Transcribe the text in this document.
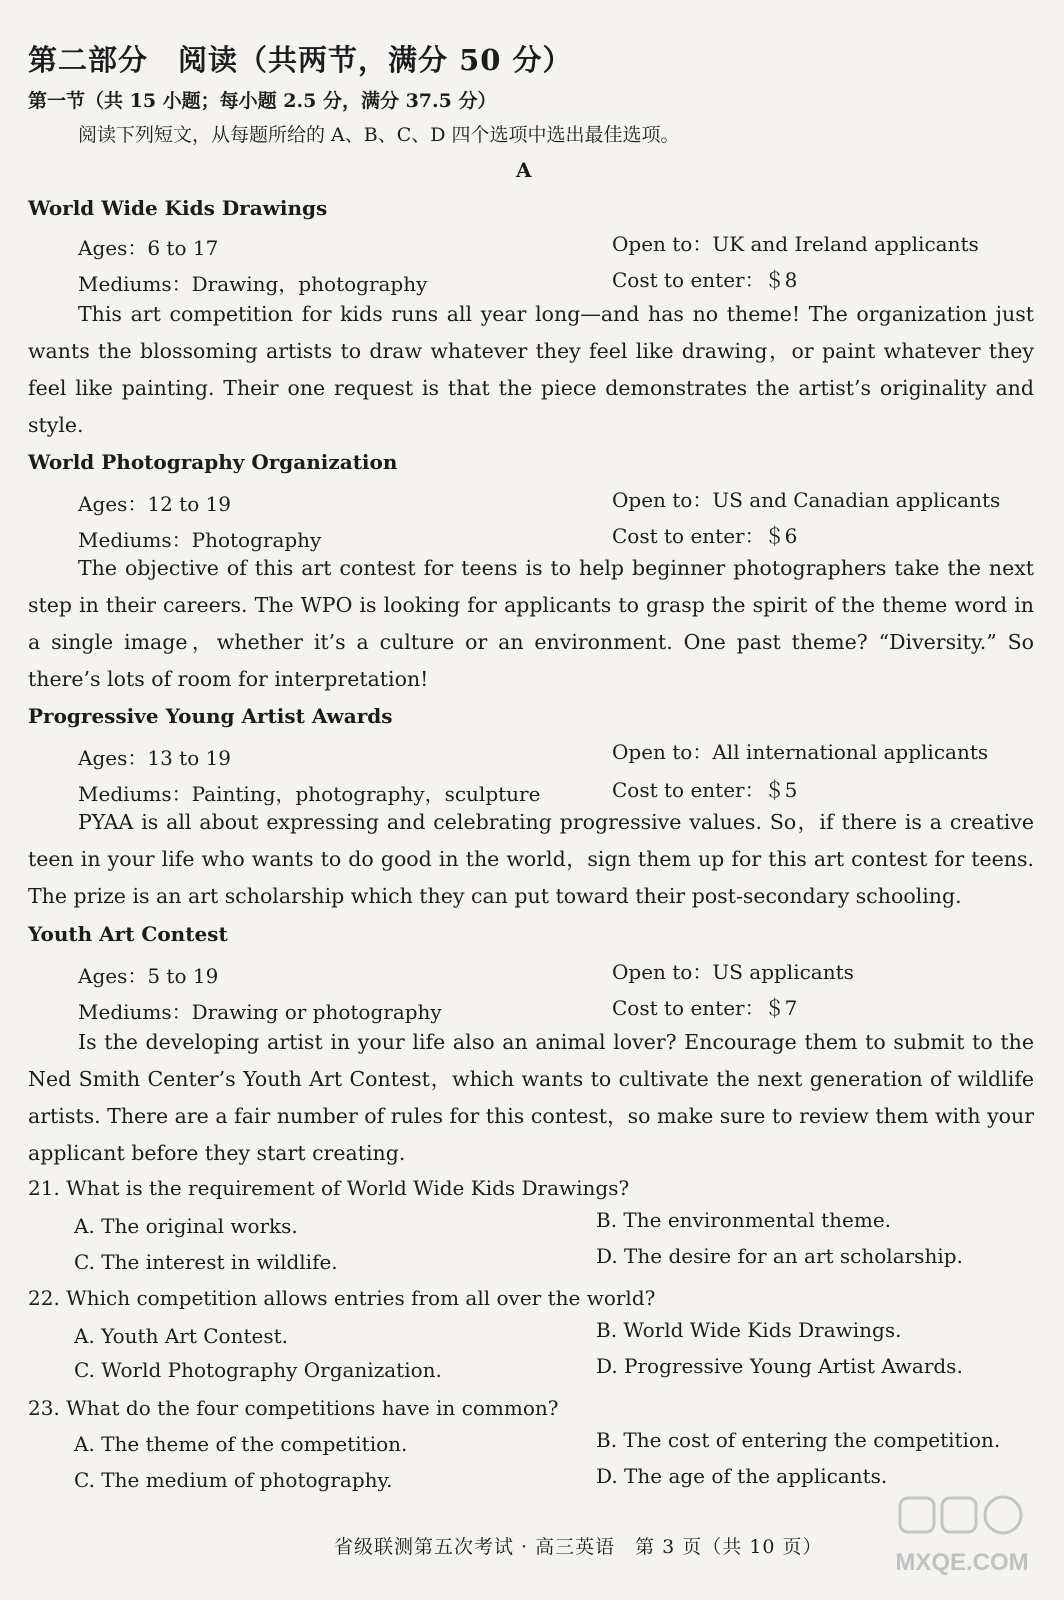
第二部分　阅读（共两节，满分 50 分）
第一节（共 15 小题；每小题 2.5 分，满分 37.5 分）
阅读下列短文，从每题所给的 A、B、C、D 四个选项中选出最佳选项。
A
World Wide Kids Drawings
Ages：6 to 17	Open to：UK and Ireland applicants
Mediums：Drawing，photography	Cost to enter：＄8

This art competition for kids runs all year long—and has no theme! The organization just wants the blossoming artists to draw whatever they feel like drawing，or paint whatever they feel like painting. Their one request is that the piece demonstrates the artist’s originality and style.

World Photography Organization
Ages：12 to 19	Open to：US and Canadian applicants
Mediums：Photography	Cost to enter：＄6

The objective of this art contest for teens is to help beginner photographers take the next step in their careers. The WPO is looking for applicants to grasp the spirit of the theme word in a single image，whether it’s a culture or an environment. One past theme? “Diversity.” So there’s lots of room for interpretation!

Progressive Young Artist Awards
Ages：13 to 19	Open to：All international applicants
Mediums：Painting，photography，sculpture	Cost to enter：＄5

PYAA is all about expressing and celebrating progressive values. So，if there is a creative teen in your life who wants to do good in the world，sign them up for this art contest for teens. The prize is an art scholarship which they can put toward their post-secondary schooling.

Youth Art Contest
Ages：5 to 19	Open to：US applicants
Mediums：Drawing or photography	Cost to enter：＄7

Is the developing artist in your life also an animal lover? Encourage them to submit to the Ned Smith Center’s Youth Art Contest，which wants to cultivate the next generation of wildlife artists. There are a fair number of rules for this contest，so make sure to review them with your applicant before they start creating.

21. What is the requirement of World Wide Kids Drawings?
A. The original works.	B. The environmental theme.
C. The interest in wildlife.	D. The desire for an art scholarship.
22. Which competition allows entries from all over the world?
A. Youth Art Contest.	B. World Wide Kids Drawings.
C. World Photography Organization.	D. Progressive Young Artist Awards.
23. What do the four competitions have in common?
A. The theme of the competition.	B. The cost of entering the competition.
C. The medium of photography.	D. The age of the applicants.
省级联测第五次考试 · 高三英语　第 3 页（共 10 页）
MXQE.COM
